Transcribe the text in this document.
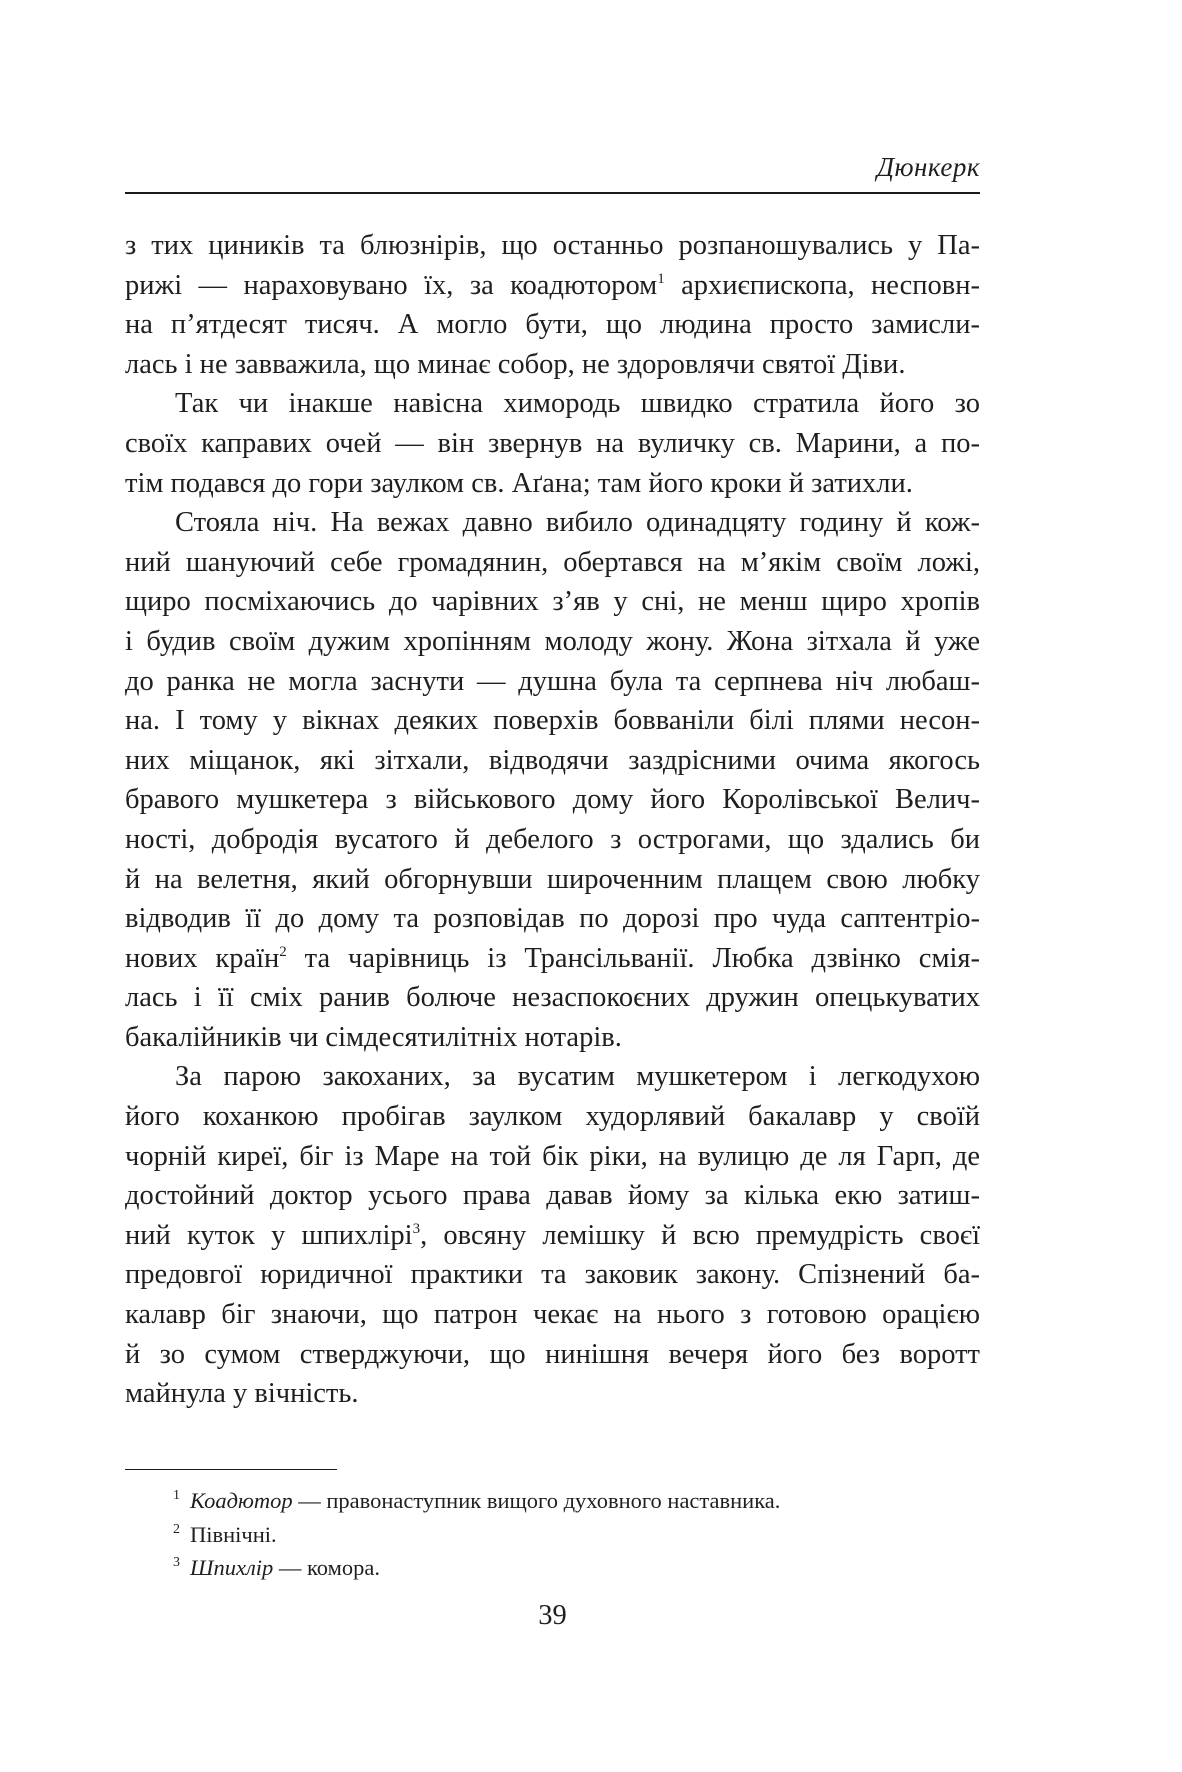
Дюнкерк
з тих циників та блюзнірів, що останньо розпаношувались у Па-
рижі — нараховувано їх, за коадютором$^1$ архиєпископа, несповн-
на п’ятдесят тисяч. А могло бути, що людина просто замисли-
лась і не завважила, що минає собор, не здоровлячи святої Діви.
Так чи інакше навісна химородь швидко стратила його зо
своїх каправих очей — він звернув на вуличку св. Марини, а по-
тім подався до гори заулком св. Аґана; там його кроки й затихли.
Стояла ніч. На вежах давно вибило одинадцяту годину й кож-
ний шануючий себе громадянин, обертався на м’якім своїм ложі,
щиро посміхаючись до чарівних з’яв у сні, не менш щиро хропів
і будив своїм дужим хропінням молоду жону. Жона зітхала й уже
до ранка не могла заснути — душна була та серпнева ніч любаш-
на. І тому у вікнах деяких поверхів бовваніли білі плями несон-
них міщанок, які зітхали, відводячи заздрісними очима якогось
бравого мушкетера з військового дому його Королівської Велич-
ності, добродія вусатого й дебелого з острогами, що здались би
й на велетня, який обгорнувши широченним плащем свою любку
відводив її до дому та розповідав по дорозі про чуда саптентріо-
нових країн$^2$ та чарівниць із Трансільванії. Любка дзвінко смія-
лась і її сміх ранив болюче незаспокоєних дружин опецькуватих
бакалійників чи сімдесятилітніх нотарів.
За парою закоханих, за вусатим мушкетером і легкодухою
його коханкою пробігав заулком худорлявий бакалавр у своїй
чорній киреї, біг із Маре на той бік ріки, на вулицю де ля Гарп, де
достойний доктор усього права давав йому за кілька екю затиш-
ний куток у шпихлірі$^3$, овсяну лемішку й всю премудрість своєї
предовгої юридичної практики та заковик закону. Спізнений ба-
калавр біг знаючи, що патрон чекає на нього з готовою орацією
й зо сумом стверджуючи, що нинішня вечеря його без воротт
майнула у вічність.
1 Коадютор — правонаступник вищого духовного наставника.
2 Північні.
3 Шпихлір — комора.
39
